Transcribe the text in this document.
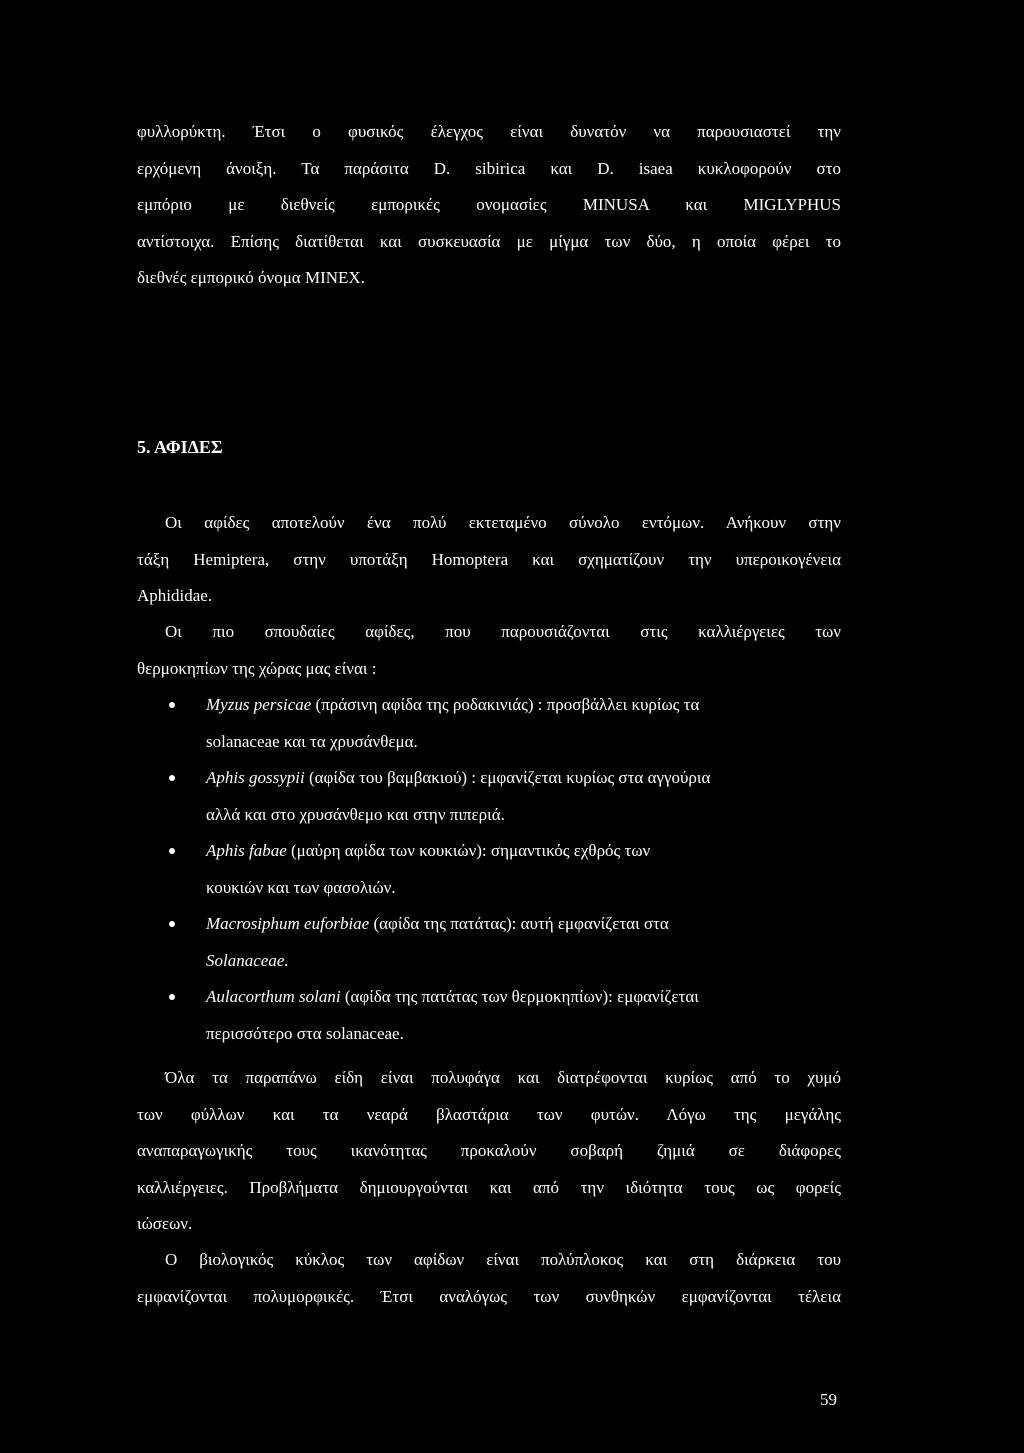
φυλλορύκτη. Έτσι ο φυσικός έλεγχος είναι δυνατόν να παρουσιαστεί την
ερχόμενη άνοιξη. Τα παράσιτα D. sibirica και D. isaea κυκλοφορούν στο
εμπόριο με διεθνείς εμπορικές ονομασίες MINUSA και MIGLYPHUS
αντίστοιχα. Επίσης διατίθεται και συσκευασία με μίγμα των δύο, η οποία φέρει το
διεθνές εμπορικό όνομα MINEX.
5. ΑΦΙΔΕΣ
Οι αφίδες αποτελούν ένα πολύ εκτεταμένο σύνολο εντόμων. Ανήκουν στην
τάξη Hemiptera, στην υποτάξη Homoptera και σχηματίζουν την υπεροικογένεια
Aphididae.
Οι πιο σπουδαίες αφίδες, που παρουσιάζονται στις καλλιέργειες των
θερμοκηπίων της χώρας μας είναι :
Myzus persicae (πράσινη αφίδα της ροδακινιάς) : προσβάλλει κυρίως τα
solanaceae και τα χρυσάνθεμα.
Aphis gossypii (αφίδα του βαμβακιού) : εμφανίζεται κυρίως στα αγγούρια
αλλά και στο χρυσάνθεμο και στην πιπεριά.
Aphis fabae (μαύρη αφίδα των κουκιών): σημαντικός εχθρός των
κουκιών και των φασολιών.
Macrosiphum euforbiae (αφίδα της πατάτας): αυτή εμφανίζεται στα
Solanaceae.
Aulacorthum solani (αφίδα της πατάτας των θερμοκηπίων): εμφανίζεται
περισσότερο στα solanaceae.
Όλα τα παραπάνω είδη είναι πολυφάγα και διατρέφονται κυρίως από το χυμό
των φύλλων και τα νεαρά βλαστάρια των φυτών. Λόγω της μεγάλης
αναπαραγωγικής τους ικανότητας προκαλούν σοβαρή ζημιά σε διάφορες
καλλιέργειες. Προβλήματα δημιουργούνται και από την ιδιότητα τους ως φορείς
ιώσεων.
Ο βιολογικός κύκλος των αφίδων είναι πολύπλοκος και στη διάρκεια του
εμφανίζονται πολυμορφικές. Έτσι αναλόγως των συνθηκών εμφανίζονται τέλεια
59
